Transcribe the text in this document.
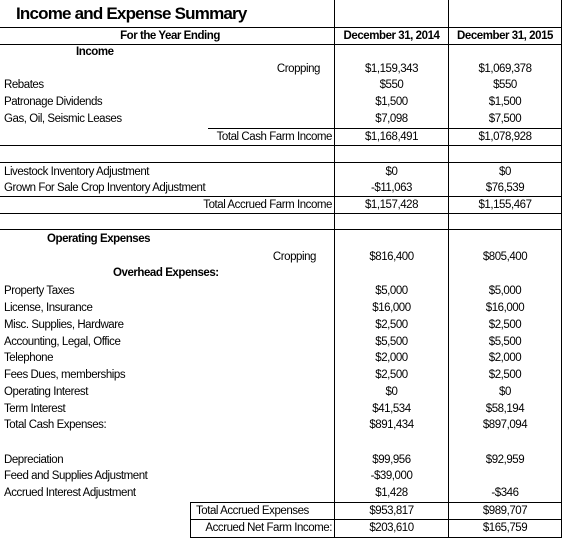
Income and Expense Summary
For the Year Ending	December 31, 2014	December 31, 2015
Income
Cropping	$1,159,343	$1,069,378
Rebates	$550	$550
Patronage Dividends	$1,500	$1,500
Gas, Oil, Seismic Leases	$7,098	$7,500
Total Cash Farm Income	$1,168,491	$1,078,928
Livestock Inventory Adjustment	$0	$0
Grown For Sale Crop Inventory Adjustment	-$11,063	$76,539
Total Accrued Farm Income	$1,157,428	$1,155,467
Operating Expenses
Cropping	$816,400	$805,400
Overhead Expenses:
Property Taxes	$5,000	$5,000
License, Insurance	$16,000	$16,000
Misc. Supplies, Hardware	$2,500	$2,500
Accounting, Legal, Office	$5,500	$5,500
Telephone	$2,000	$2,000
Fees Dues, memberships	$2,500	$2,500
Operating Interest	$0	$0
Term Interest	$41,534	$58,194
Total Cash Expenses:	$891,434	$897,094
Depreciation	$99,956	$92,959
Feed and Supplies Adjustment	-$39,000
Accrued Interest Adjustment	$1,428	-$346
Total Accrued Expenses	$953,817	$989,707
Accrued Net Farm Income:	$203,610	$165,759
